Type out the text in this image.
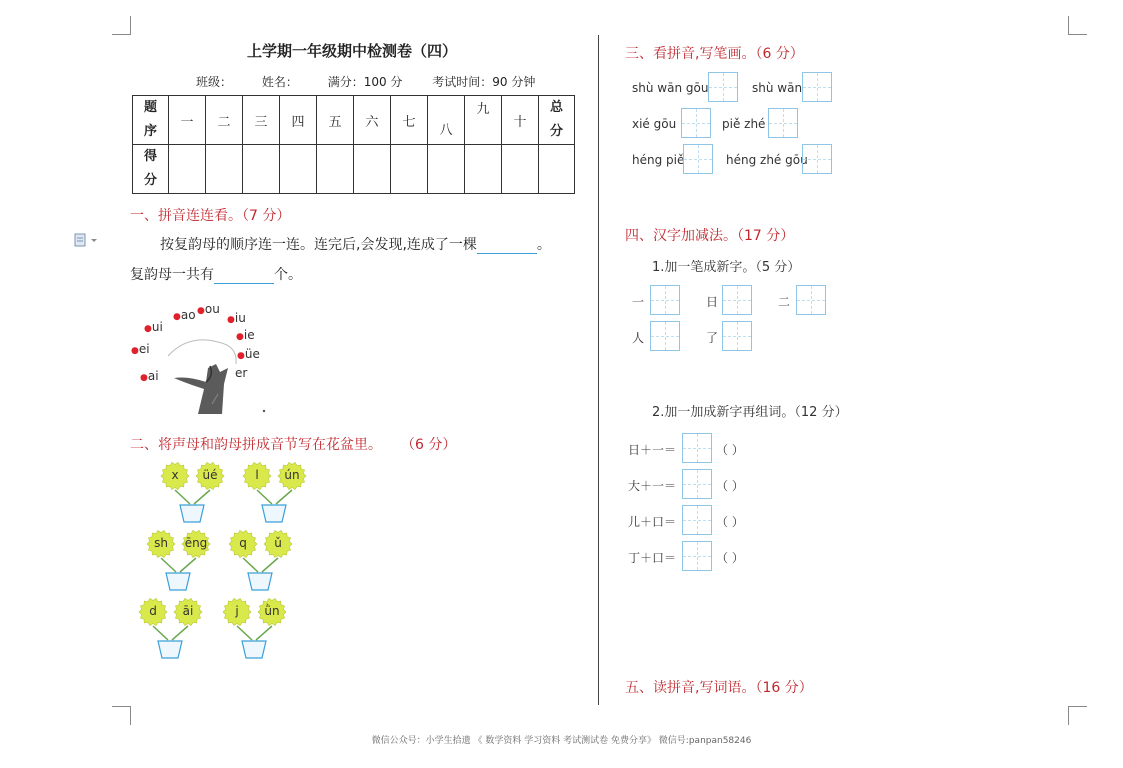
上学期一年级期中检测卷（四）
班级： 姓名： 满分：100 分 考试时间：90 分钟
题
序	一	二	三	四	五	六	七	八	九	十	总
分
得
分											
一、拼音连连看。（7 分）
按复韵母的顺序连一连。连完后,会发现,连成了一棵	。
复韵母一共有	个。
●ou
●ao	●iu
●ui
●ie
●ei	●üe
●ai	er
二、将声母和韵母拼成音节写在花盆里。 （6 分）
x	üé	l	ún
sh	ēng	q	ǔ
d	āi	j	ǜn
三、看拼音,写笔画。（6 分）
shù wān gōu	shù wān
xié gōu	piě zhé
héng piě	héng zhé gōu
四、汉字加减法。（17 分）
1.加一笔成新字。（5 分）
一	日	二
人	了
2.加一加成新字再组词。（12 分）
日＋一＝	（ ）
大＋一＝	（ ）
儿＋口＝	（ ）
丁＋口＝	（ ）
五、读拼音,写词语。（16 分）
微信公众号：小学生拾遗 《 数学资料 学习资料 考试测试卷 免费分享》 微信号:panpan58246
